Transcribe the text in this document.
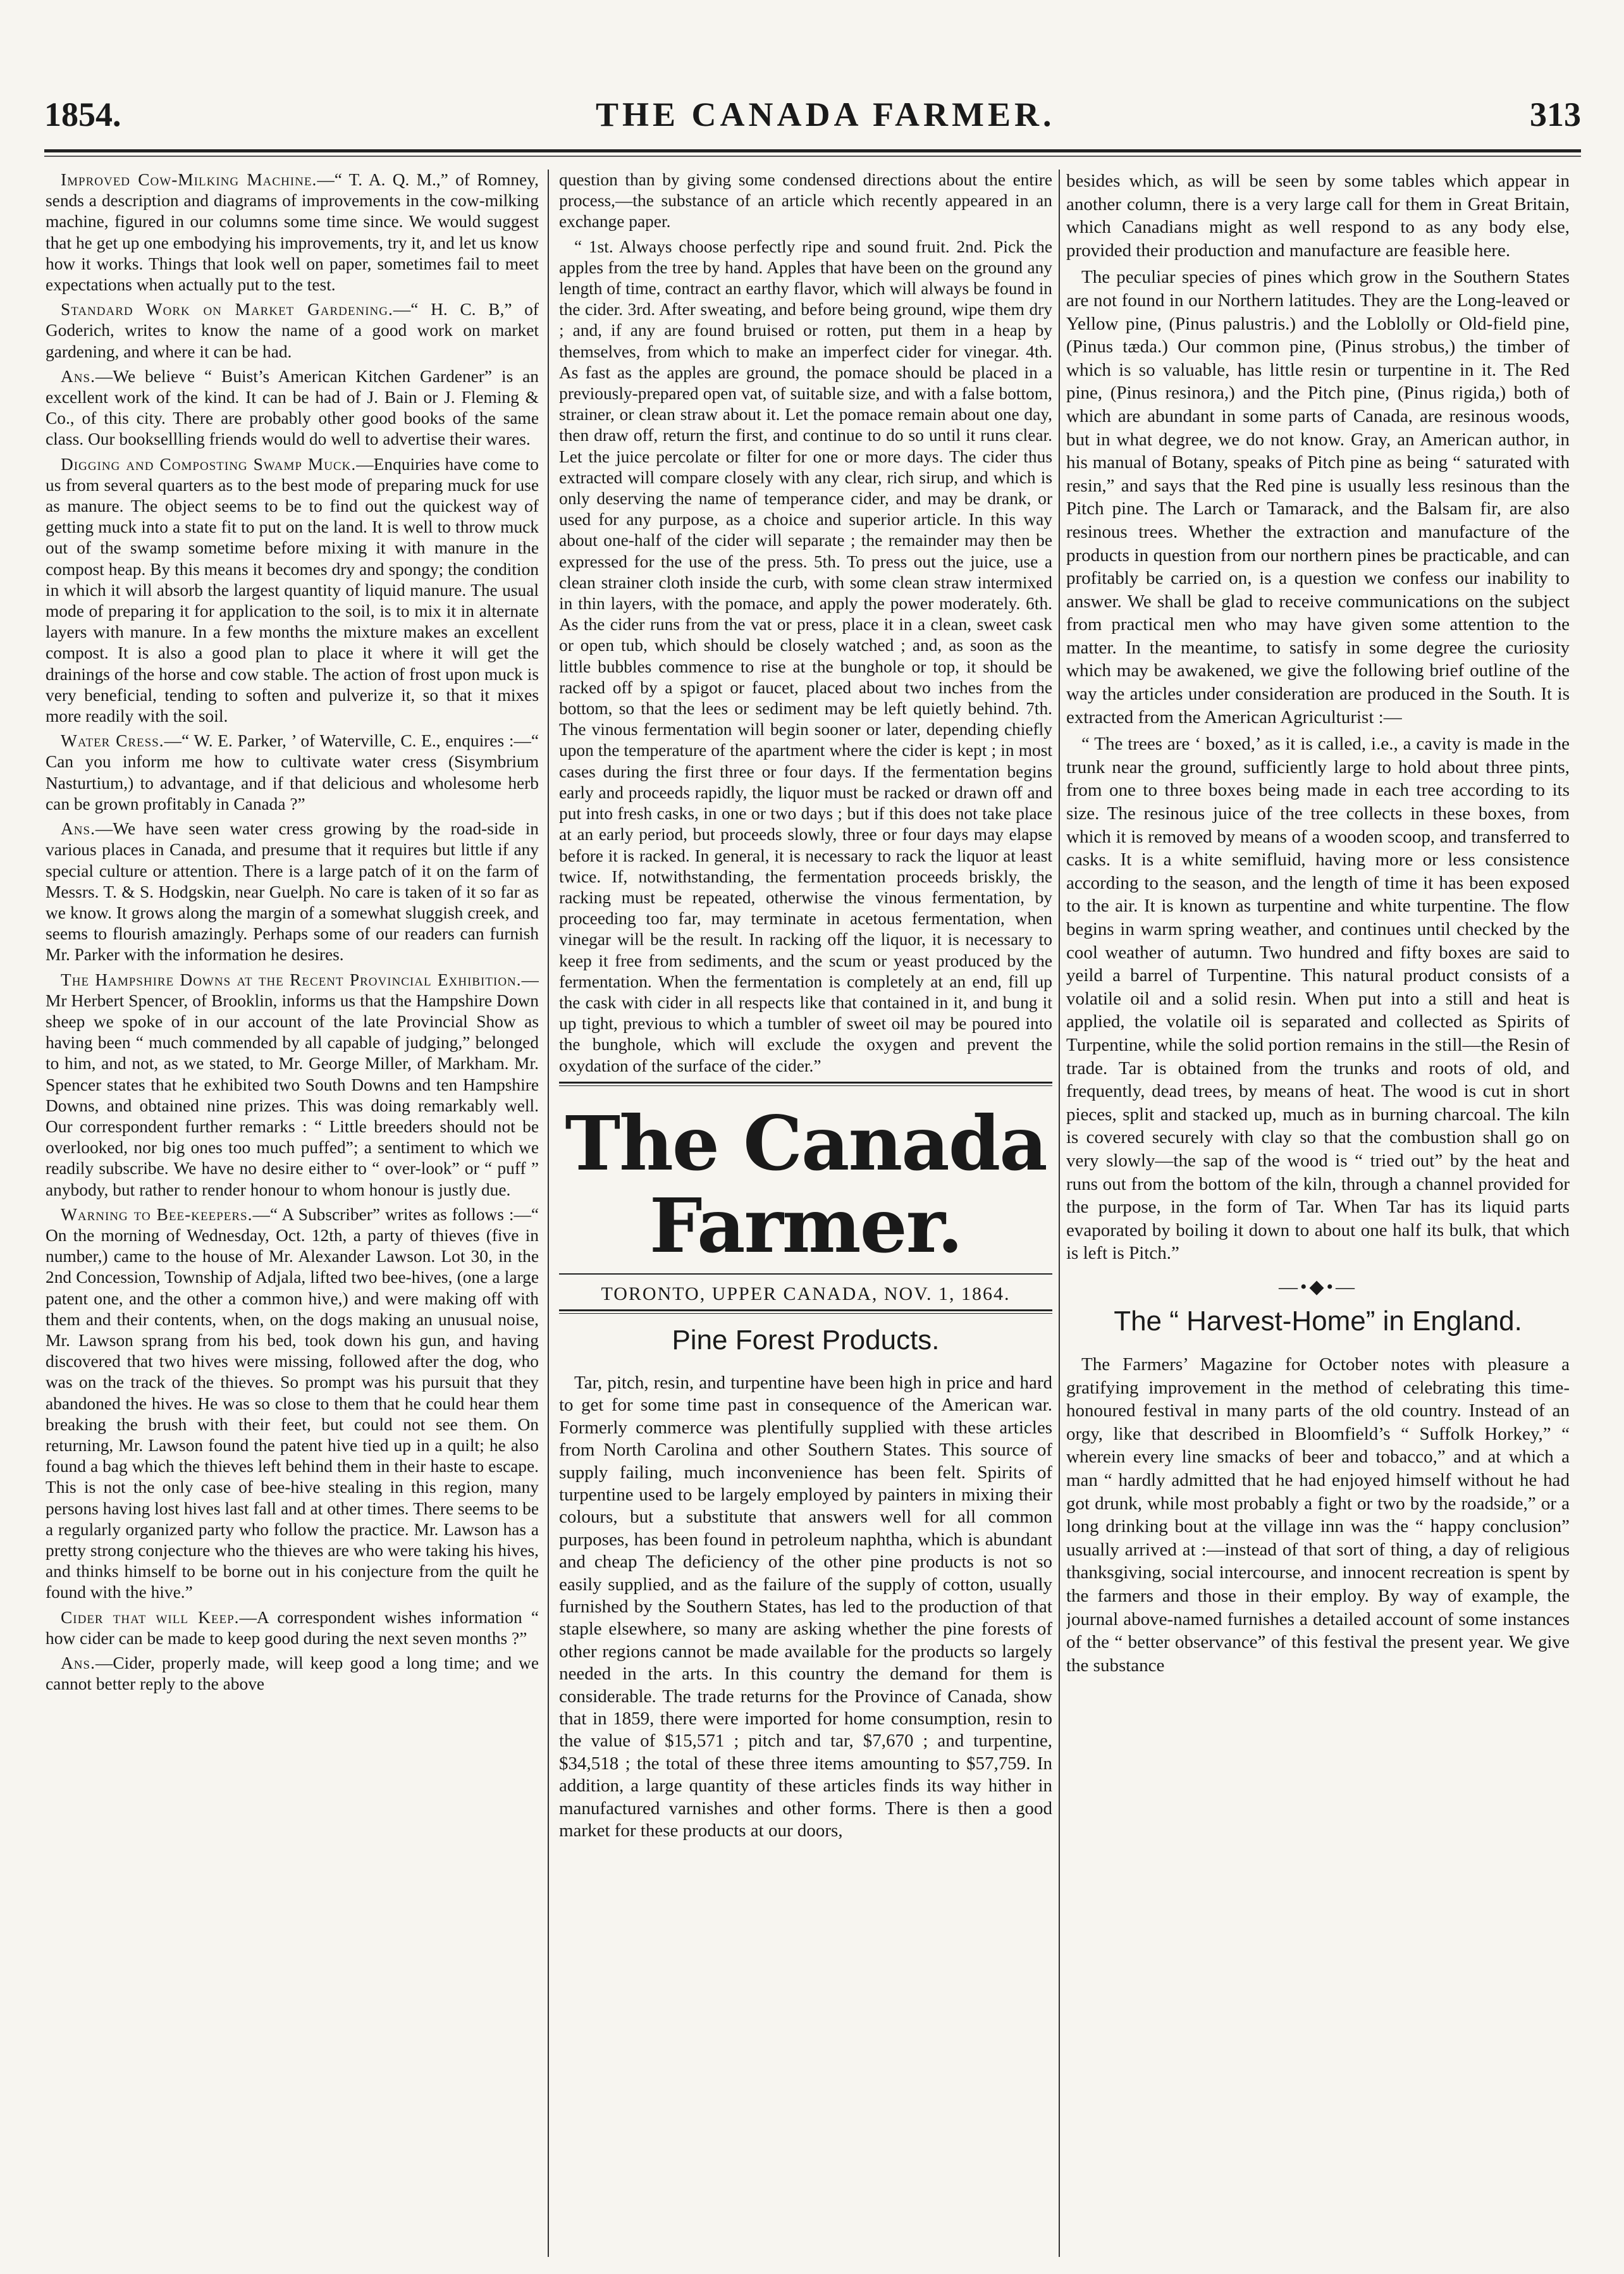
1854.	THE CANADA FARMER.	313

Improved Cow-Milking Machine.—“ T. A. Q. M.,” of Romney, sends a description and diagrams of improvements in the cow-milking machine, figured in our columns some time since. We would suggest that he get up one embodying his improvements, try it, and let us know how it works. Things that look well on paper, sometimes fail to meet expectations when actually put to the test.

Standard Work on Market Gardening.—“ H. C. B,” of Goderich, writes to know the name of a good work on market gardening, and where it can be had.

Ans.—We believe “ Buist’s American Kitchen Gardener” is an excellent work of the kind. It can be had of J. Bain or J. Fleming & Co., of this city. There are probably other good books of the same class. Our booksellling friends would do well to advertise their wares.

Digging and Composting Swamp Muck.—Enquiries have come to us from several quarters as to the best mode of preparing muck for use as manure. The object seems to be to find out the quickest way of getting muck into a state fit to put on the land. It is well to throw muck out of the swamp sometime before mixing it with manure in the compost heap. By this means it becomes dry and spongy; the condition in which it will absorb the largest quantity of liquid manure. The usual mode of preparing it for application to the soil, is to mix it in alternate layers with manure. In a few months the mixture makes an excellent compost. It is also a good plan to place it where it will get the drainings of the horse and cow stable. The action of frost upon muck is very beneficial, tending to soften and pulverize it, so that it mixes more readily with the soil.

Water Cress.—“ W. E. Parker, ’ of Waterville, C. E., enquires :—“ Can you inform me how to cultivate water cress (Sisymbrium Nasturtium,) to advantage, and if that delicious and wholesome herb can be grown profitably in Canada ?”

Ans.—We have seen water cress growing by the road-side in various places in Canada, and presume that it requires but little if any special culture or attention. There is a large patch of it on the farm of Messrs. T. & S. Hodgskin, near Guelph. No care is taken of it so far as we know. It grows along the margin of a somewhat sluggish creek, and seems to flourish amazingly. Perhaps some of our readers can furnish Mr. Parker with the information he desires.

The Hampshire Downs at the Recent Provincial Exhibition.—Mr Herbert Spencer, of Brooklin, informs us that the Hampshire Down sheep we spoke of in our account of the late Provincial Show as having been “ much commended by all capable of judging,” belonged to him, and not, as we stated, to Mr. George Miller, of Markham. Mr. Spencer states that he exhibited two South Downs and ten Hampshire Downs, and obtained nine prizes. This was doing remarkably well. Our correspondent further remarks : “ Little breeders should not be overlooked, nor big ones too much puffed”; a sentiment to which we readily subscribe. We have no desire either to “ over-look” or “ puff ” anybody, but rather to render honour to whom honour is justly due.

Warning to Bee-keepers.—“ A Subscriber” writes as follows :—“ On the morning of Wednesday, Oct. 12th, a party of thieves (five in number,) came to the house of Mr. Alexander Lawson. Lot 30, in the 2nd Concession, Township of Adjala, lifted two bee-hives, (one a large patent one, and the other a common hive,) and were making off with them and their contents, when, on the dogs making an unusual noise, Mr. Lawson sprang from his bed, took down his gun, and having discovered that two hives were missing, followed after the dog, who was on the track of the thieves. So prompt was his pursuit that they abandoned the hives. He was so close to them that he could hear them breaking the brush with their feet, but could not see them. On returning, Mr. Lawson found the patent hive tied up in a quilt; he also found a bag which the thieves left behind them in their haste to escape. This is not the only case of bee-hive stealing in this region, many persons having lost hives last fall and at other times. There seems to be a regularly organized party who follow the practice. Mr. Lawson has a pretty strong conjecture who the thieves are who were taking his hives, and thinks himself to be borne out in his conjecture from the quilt he found with the hive.”

Cider that will Keep.—A correspondent wishes information “ how cider can be made to keep good during the next seven months ?”

Ans.—Cider, properly made, will keep good a long time; and we cannot better reply to the above

question than by giving some condensed directions about the entire process,—the substance of an article which recently appeared in an exchange paper.

“ 1st. Always choose perfectly ripe and sound fruit. 2nd. Pick the apples from the tree by hand. Apples that have been on the ground any length of time, contract an earthy flavor, which will always be found in the cider. 3rd. After sweating, and before being ground, wipe them dry ; and, if any are found bruised or rotten, put them in a heap by themselves, from which to make an imperfect cider for vinegar. 4th. As fast as the apples are ground, the pomace should be placed in a previously-prepared open vat, of suitable size, and with a false bottom, strainer, or clean straw about it. Let the pomace remain about one day, then draw off, return the first, and continue to do so until it runs clear. Let the juice percolate or filter for one or more days. The cider thus extracted will compare closely with any clear, rich sirup, and which is only deserving the name of temperance cider, and may be drank, or used for any purpose, as a choice and superior article. In this way about one-half of the cider will separate ; the remainder may then be expressed for the use of the press. 5th. To press out the juice, use a clean strainer cloth inside the curb, with some clean straw intermixed in thin layers, with the pomace, and apply the power moderately. 6th. As the cider runs from the vat or press, place it in a clean, sweet cask or open tub, which should be closely watched ; and, as soon as the little bubbles commence to rise at the bunghole or top, it should be racked off by a spigot or faucet, placed about two inches from the bottom, so that the lees or sediment may be left quietly behind. 7th. The vinous fermentation will begin sooner or later, depending chiefly upon the temperature of the apartment where the cider is kept ; in most cases during the first three or four days. If the fermentation begins early and proceeds rapidly, the liquor must be racked or drawn off and put into fresh casks, in one or two days ; but if this does not take place at an early period, but proceeds slowly, three or four days may elapse before it is racked. In general, it is necessary to rack the liquor at least twice. If, notwithstanding, the fermentation proceeds briskly, the racking must be repeated, otherwise the vinous fermentation, by proceeding too far, may terminate in acetous fermentation, when vinegar will be the result. In racking off the liquor, it is necessary to keep it free from sediments, and the scum or yeast produced by the fermentation. When the fermentation is completely at an end, fill up the cask with cider in all respects like that contained in it, and bung it up tight, previous to which a tumbler of sweet oil may be poured into the bunghole, which will exclude the oxygen and prevent the oxydation of the surface of the cider.”

The Canada Farmer.
TORONTO, UPPER CANADA, NOV. 1, 1864.
Pine Forest Products.

Tar, pitch, resin, and turpentine have been high in price and hard to get for some time past in consequence of the American war. Formerly commerce was plentifully supplied with these articles from North Carolina and other Southern States. This source of supply failing, much inconvenience has been felt. Spirits of turpentine used to be largely employed by painters in mixing their colours, but a substitute that answers well for all common purposes, has been found in petroleum naphtha, which is abundant and cheap The deficiency of the other pine products is not so easily supplied, and as the failure of the supply of cotton, usually furnished by the Southern States, has led to the production of that staple elsewhere, so many are asking whether the pine forests of other regions cannot be made available for the products so largely needed in the arts. In this country the demand for them is considerable. The trade returns for the Province of Canada, show that in 1859, there were imported for home consumption, resin to the value of $15,571 ; pitch and tar, $7,670 ; and turpentine, $34,518 ; the total of these three items amounting to $57,759. In addition, a large quantity of these articles finds its way hither in manufactured varnishes and other forms. There is then a good market for these products at our doors,

besides which, as will be seen by some tables which appear in another column, there is a very large call for them in Great Britain, which Canadians might as well respond to as any body else, provided their production and manufacture are feasible here.

The peculiar species of pines which grow in the Southern States are not found in our Northern latitudes. They are the Long-leaved or Yellow pine, (Pinus palustris.) and the Loblolly or Old-field pine, (Pinus tæda.) Our common pine, (Pinus strobus,) the timber of which is so valuable, has little resin or turpentine in it. The Red pine, (Pinus resinora,) and the Pitch pine, (Pinus rigida,) both of which are abundant in some parts of Canada, are resinous woods, but in what degree, we do not know. Gray, an American author, in his manual of Botany, speaks of Pitch pine as being “ saturated with resin,” and says that the Red pine is usually less resinous than the Pitch pine. The Larch or Tamarack, and the Balsam fir, are also resinous trees. Whether the extraction and manufacture of the products in question from our northern pines be practicable, and can profitably be carried on, is a question we confess our inability to answer. We shall be glad to receive communications on the subject from practical men who may have given some attention to the matter. In the meantime, to satisfy in some degree the curiosity which may be awakened, we give the following brief outline of the way the articles under consideration are produced in the South. It is extracted from the American Agriculturist :—

“ The trees are ‘ boxed,’ as it is called, i.e., a cavity is made in the trunk near the ground, sufficiently large to hold about three pints, from one to three boxes being made in each tree according to its size. The resinous juice of the tree collects in these boxes, from which it is removed by means of a wooden scoop, and transferred to casks. It is a white semifluid, having more or less consistence according to the season, and the length of time it has been exposed to the air. It is known as turpentine and white turpentine. The flow begins in warm spring weather, and continues until checked by the cool weather of autumn. Two hundred and fifty boxes are said to yeild a barrel of Turpentine. This natural product consists of a volatile oil and a solid resin. When put into a still and heat is applied, the volatile oil is separated and collected as Spirits of Turpentine, while the solid portion remains in the still—the Resin of trade. Tar is obtained from the trunks and roots of old, and frequently, dead trees, by means of heat. The wood is cut in short pieces, split and stacked up, much as in burning charcoal. The kiln is covered securely with clay so that the combustion shall go on very slowly—the sap of the wood is “ tried out” by the heat and runs out from the bottom of the kiln, through a channel provided for the purpose, in the form of Tar. When Tar has its liquid parts evaporated by boiling it down to about one half its bulk, that which is left is Pitch.”

—•◆•—
The “ Harvest-Home” in England.

The Farmers’ Magazine for October notes with pleasure a gratifying improvement in the method of celebrating this time-honoured festival in many parts of the old country. Instead of an orgy, like that described in Bloomfield’s “ Suffolk Horkey,” “ wherein every line smacks of beer and tobacco,” and at which a man “ hardly admitted that he had enjoyed himself without he had got drunk, while most probably a fight or two by the roadside,” or a long drinking bout at the village inn was the “ happy conclusion” usually arrived at :—instead of that sort of thing, a day of religious thanksgiving, social intercourse, and innocent recreation is spent by the farmers and those in their employ. By way of example, the journal above-named furnishes a detailed account of some instances of the “ better observance” of this festival the present year. We give the substance
